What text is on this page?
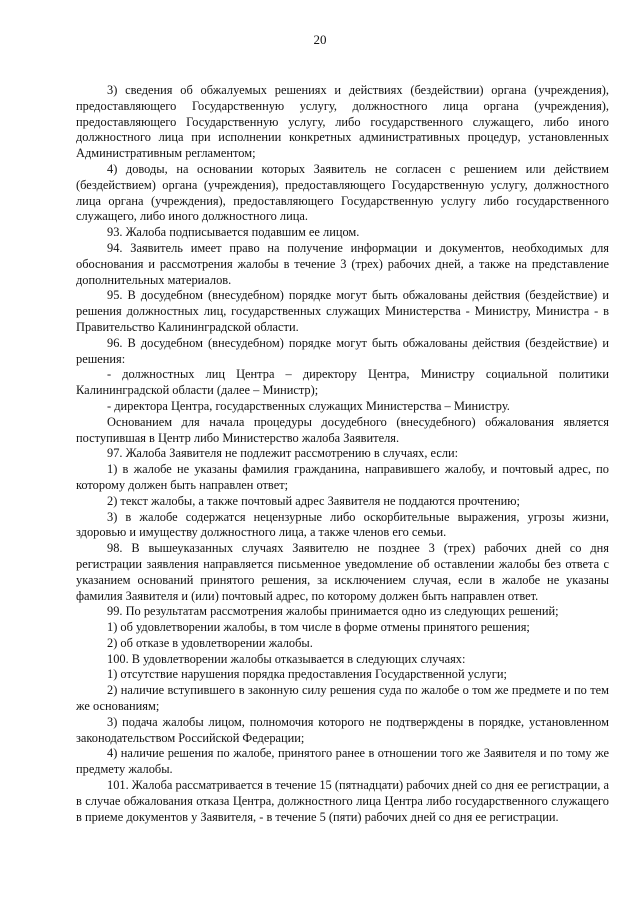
20

3) сведения об обжалуемых решениях и действиях (бездействии) органа (учреждения), предоставляющего Государственную услугу, должностного лица органа (учреждения), предоставляющего Государственную услугу, либо государственного служащего, либо иного должностного лица при исполнении конкретных административных процедур, установленных Административным регламентом;

4) доводы, на основании которых Заявитель не согласен с решением или действием (бездействием) органа (учреждения), предоставляющего Государственную услугу, должностного лица органа (учреждения), предоставляющего Государственную услугу либо государственного служащего, либо иного должностного лица.

93. Жалоба подписывается подавшим ее лицом.

94. Заявитель имеет право на получение информации и документов, необходимых для обоснования и рассмотрения жалобы в течение 3 (трех) рабочих дней, а также на представление дополнительных материалов.

95. В досудебном (внесудебном) порядке могут быть обжалованы действия (бездействие) и решения должностных лиц, государственных служащих Министерства - Министру, Министра - в Правительство Калининградской области.

96. В досудебном (внесудебном) порядке могут быть обжалованы действия (бездействие) и решения:

- должностных лиц Центра – директору Центра, Министру социальной политики Калининградской области (далее – Министр);

- директора Центра, государственных служащих Министерства – Министру.

Основанием для начала процедуры досудебного (внесудебного) обжалования является поступившая в Центр либо Министерство жалоба Заявителя.

97. Жалоба Заявителя не подлежит рассмотрению в случаях, если:

1) в жалобе не указаны фамилия гражданина, направившего жалобу, и почтовый адрес, по которому должен быть направлен ответ;

2) текст жалобы, а также почтовый адрес Заявителя не поддаются прочтению;

3) в жалобе содержатся нецензурные либо оскорбительные выражения, угрозы жизни, здоровью и имуществу должностного лица, а также членов его семьи.

98. В вышеуказанных случаях Заявителю не позднее 3 (трех) рабочих дней со дня регистрации заявления направляется письменное уведомление об оставлении жалобы без ответа с указанием оснований принятого решения, за исключением случая, если в жалобе не указаны фамилия Заявителя и (или) почтовый адрес, по которому должен быть направлен ответ.

99. По результатам рассмотрения жалобы принимается одно из следующих решений;

1) об удовлетворении жалобы, в том числе в форме отмены принятого решения;

2) об отказе в удовлетворении жалобы.

100. В удовлетворении жалобы отказывается в следующих случаях:

1) отсутствие нарушения порядка предоставления Государственной услуги;

2) наличие вступившего в законную силу решения суда по жалобе о том же предмете и по тем же основаниям;

3) подача жалобы лицом, полномочия которого не подтверждены в порядке, установленном законодательством Российской Федерации;

4) наличие решения по жалобе, принятого ранее в отношении того же Заявителя и по тому же предмету жалобы.

101. Жалоба рассматривается в течение 15 (пятнадцати) рабочих дней со дня ее регистрации, а в случае обжалования отказа Центра, должностного лица Центра либо государственного служащего в приеме документов у Заявителя, - в течение 5 (пяти) рабочих дней со дня ее регистрации.
